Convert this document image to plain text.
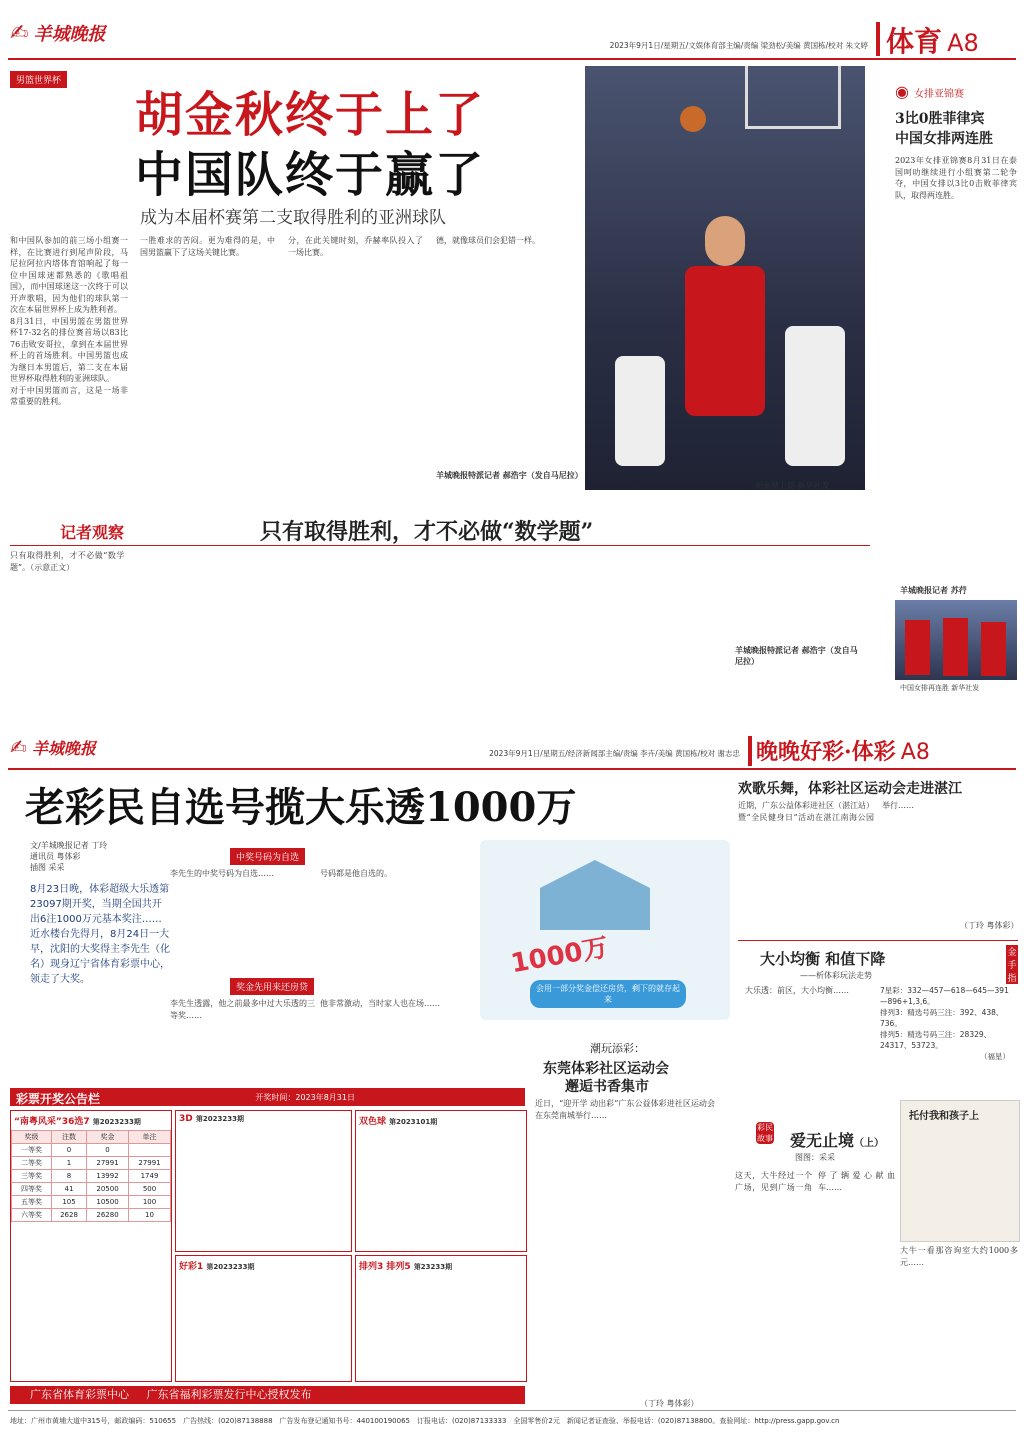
✍ 羊城晚报
2023年9月1日/星期五/文娱体育部主编/责编 梁劲松/美编 黄国栋/校对 朱文婷 体育 A8
男篮世界杯
胡金秋终于上了
中国队终于赢了
成为本届杯赛第二支取得胜利的亚洲球队
胡金秋上篮 新华社发
和中国队参加的前三场小组赛一样，在比赛进行到尾声阶段，马尼拉阿拉内塔体育馆响起了每一位中国球迷都熟悉的《歌唱祖国》，而中国球迷这一次终于可以开声歌唱，因为他们的球队第一次在本届世界杯上成为胜利者。
8月31日，中国男篮在男篮世界杯17-32名的排位赛首场以83比76击败安哥拉，拿到在本届世界杯上的首场胜利。中国男篮也成为继日本男篮后，第二支在本届世界杯取得胜利的亚洲球队。
对于中国男篮而言，这是一场非常重要的胜利。
一胜难求的苦闷。更为难得的是，中国男篮赢下了这场关键比赛。
分，在此关键时刻，乔赫率队投入了一场比赛。
德，就像球员们会犯错一样。
羊城晚报特派记者 郝浩宇（发自马尼拉）
记者观察	只有取得胜利，才不必做“数学题”
只有取得胜利，才不必做“数学题”。（示意正文）
羊城晚报特派记者 郝浩宇（发自马尼拉）
◉ 女排亚锦赛
3比0胜菲律宾
中国女排两连胜
2023年女排亚锦赛8月31日在泰国呵叻继续进行小组赛第二轮争夺，中国女排以3比0击败菲律宾队，取得两连胜。
羊城晚报记者 苏荇
中国女排再连胜 新华社发
✍ 羊城晚报	2023年9月1日/星期五/经济新闻部主编/责编 李卉/美编 黄国栋/校对 谢志忠 晚晚好彩·体彩 A8
老彩民自选号揽大乐透1000万
文/羊城晚报记者 丁玲
通讯员 粤体彩
插图 采采
8月23日晚，体彩超级大乐透第23097期开奖，当期全国共开出6注1000万元基本奖注……近水楼台先得月，8月24日一大早，沈阳的大奖得主李先生（化名）现身辽宁省体育彩票中心，领走了大奖。
中奖号码为自选
李先生的中奖号码为自选……	号码都是他自选的。
奖金先用来还房贷
李先生透露，他之前最多中过大乐透的三等奖……
他非常激动，当时家人也在场……
1000万
会用一部分奖金偿还房贷，剩下的就存起来
欢歌乐舞，体彩社区运动会走进湛江
近期，广东公益体彩进社区（湛江站）暨“全民健身日”活动在湛江南海公园举行……
（丁玲 粤体彩）
大小均衡 和值下降
——析体彩玩法走势
金手指
大乐透：前区，大小均衡……	7星彩：332—457—618—645—391—896+1,3,6。
排列3：精选号码三注：392、438、736。
排列5：精选号码三注：28329、24317、53723。
（福星）
潮玩添彩：
东莞体彩社区运动会
邂逅书香集市
近日，“迎开学 动出彩”广东公益体彩进社区运动会在东莞南城举行……
（丁玲 粤体彩）
彩民故事 爱无止境（上）
图图：采采
托付我和孩子上
这天，大牛经过一个广场，见到广场一角停了辆爱心献血车……
大牛一看那咨询室大约1000多元……
彩票开奖公告栏	开奖时间：2023年8月31日
“南粤风采”36选7 第2023233期
奖级	注数	奖金	单注
一等奖	0	0	
二等奖	1	27991	27991
三等奖	8	13992	1749
四等奖	41	20500	500
五等奖	105	10500	100
六等奖	2628	26280	10
3D 第2023233期
好彩1 第2023233期
双色球 第2023101期
排列3 排列5 第23233期
广东省体育彩票中心 广东省福利彩票发行中心授权发布
地址：广州市黄埔大道中315号，邮政编码：510655　广告热线：(020)87138888　广告发布登记通知书号：440100190065　订报电话：(020)87133333　全国零售价2元　新闻记者证查验、举报电话：(020)87138800。查验网址：http://press.gapp.gov.cn
